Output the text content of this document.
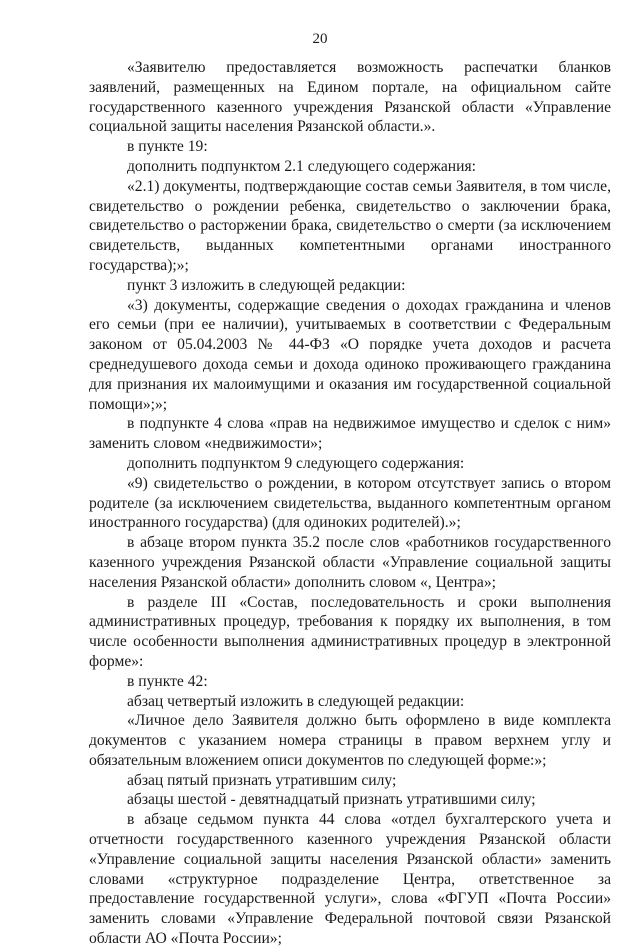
20

«Заявителю предоставляется возможность распечатки бланков заявлений, размещенных на Едином портале, на официальном сайте государственного казенного учреждения Рязанской области «Управление социальной защиты населения Рязанской области.».

в пункте 19:

дополнить подпунктом 2.1 следующего содержания:

«2.1) документы, подтверждающие состав семьи Заявителя, в том числе, свидетельство о рождении ребенка, свидетельство о заключении брака, свидетельство о расторжении брака, свидетельство о смерти (за исключением свидетельств, выданных компетентными органами иностранного государства);»;

пункт 3 изложить в следующей редакции:

«3) документы, содержащие сведения о доходах гражданина и членов его семьи (при ее наличии), учитываемых в соответствии с Федеральным законом от 05.04.2003 № 44-ФЗ «О порядке учета доходов и расчета среднедушевого дохода семьи и дохода одиноко проживающего гражданина для признания их малоимущими и оказания им государственной социальной помощи»;»;

в подпункте 4 слова «прав на недвижимое имущество и сделок с ним» заменить словом «недвижимости»;

дополнить подпунктом 9 следующего содержания:

«9) свидетельство о рождении, в котором отсутствует запись о втором родителе (за исключением свидетельства, выданного компетентным органом иностранного государства) (для одиноких родителей).»;

в абзаце втором пункта 35.2 после слов «работников государственного казенного учреждения Рязанской области «Управление социальной защиты населения Рязанской области» дополнить словом «, Центра»;

в разделе III «Состав, последовательность и сроки выполнения административных процедур, требования к порядку их выполнения, в том числе особенности выполнения административных процедур в электронной форме»:

в пункте 42:

абзац четвертый изложить в следующей редакции:

«Личное дело Заявителя должно быть оформлено в виде комплекта документов с указанием номера страницы в правом верхнем углу и обязательным вложением описи документов по следующей форме:»;

абзац пятый признать утратившим силу;

абзацы шестой - девятнадцатый признать утратившими силу;

в абзаце седьмом пункта 44 слова «отдел бухгалтерского учета и отчетности государственного казенного учреждения Рязанской области «Управление социальной защиты населения Рязанской области» заменить словами «структурное подразделение Центра, ответственное за предоставление государственной услуги», слова «ФГУП «Почта России» заменить словами «Управление Федеральной почтовой связи Рязанской области АО «Почта России»;
